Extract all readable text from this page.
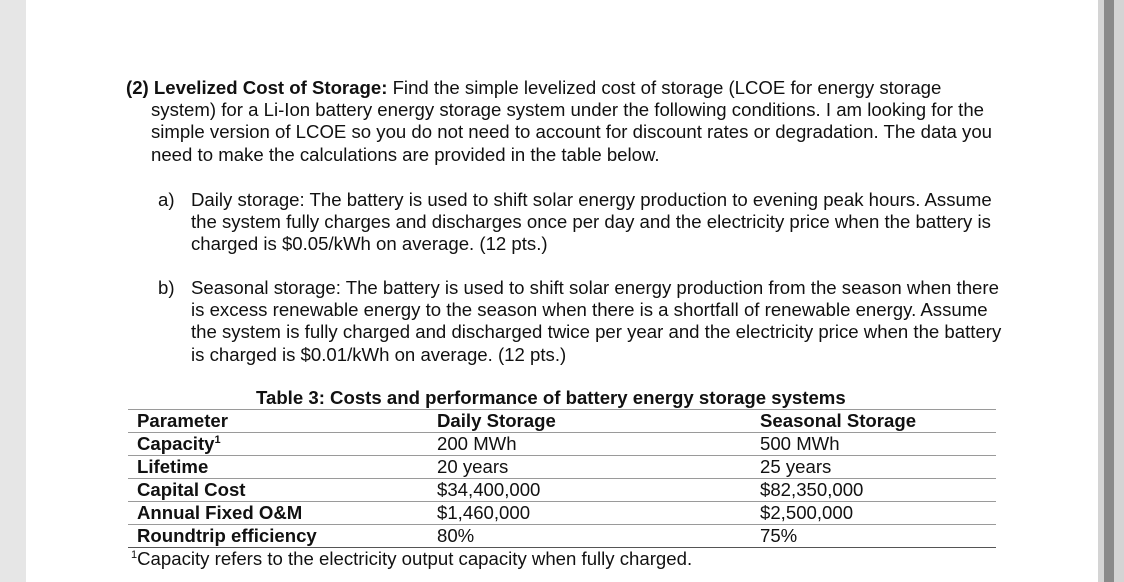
(2) Levelized Cost of Storage: Find the simple levelized cost of storage (LCOE for energy storage system) for a Li-Ion battery energy storage system under the following conditions. I am looking for the simple version of LCOE so you do not need to account for discount rates or degradation. The data you need to make the calculations are provided in the table below.
a) Daily storage: The battery is used to shift solar energy production to evening peak hours. Assume the system fully charges and discharges once per day and the electricity price when the battery is charged is $0.05/kWh on average. (12 pts.)
b) Seasonal storage: The battery is used to shift solar energy production from the season when there is excess renewable energy to the season when there is a shortfall of renewable energy. Assume the system is fully charged and discharged twice per year and the electricity price when the battery is charged is $0.01/kWh on average. (12 pts.)
Table 3: Costs and performance of battery energy storage systems
Parameter	Daily Storage	Seasonal Storage
Capacity$^1$	200 MWh	500 MWh
Lifetime	20 years	25 years
Capital Cost	$34,400,000	$82,350,000
Annual Fixed O&M	$1,460,000	$2,500,000
Roundtrip efficiency	80%	75%
$^1$Capacity refers to the electricity output capacity when fully charged.
